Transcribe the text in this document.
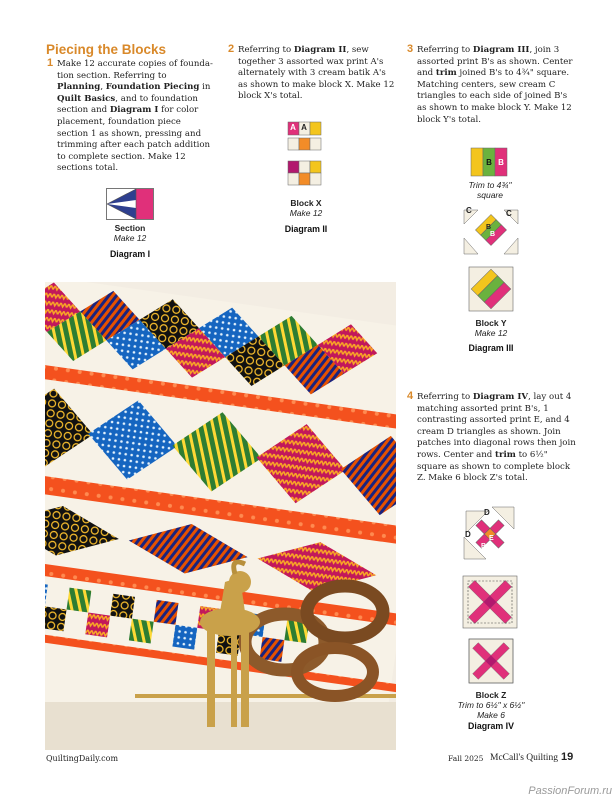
Piecing the Blocks
1 Make 12 accurate copies of founda-tion section. Referring to Planning, Foundation Piecing in Quilt Basics, and to foundation section and Diagram I for color placement, foundation piece section 1 as shown, pressing and trimming after each patch addition to complete section. Make 12 sections total.
Section
Make 12
Diagram I
2 Referring to Diagram II, sew together 3 assorted wax print A's alternately with 3 cream batik A's as shown to make block X. Make 12 block X's total.
A A
Block X
Make 12
Diagram II
3 Referring to Diagram III, join 3 assorted print B's as shown. Center and trim joined B's to 4¾" square. Matching centers, sew cream C triangles to each side of joined B's as shown to make block Y. Make 12 block Y's total.
B B
Trim to 4¾"
square
C	C
B
B
Block Y
Make 12
Diagram III
4 Referring to Diagram IV, lay out 4 matching assorted print B's, 1 contrasting assorted print E, and 4 cream D triangles as shown. Join patches into diagonal rows then join rows. Center and trim to 6½" square as shown to complete block Z. Make 6 block Z's total.
D
D
B
E
Block Z
Trim to 6½" x 6½"
Make 6
Diagram IV
QuiltingDaily.com	Fall 2025 McCall's Quilting 19
PassionForum.ru
